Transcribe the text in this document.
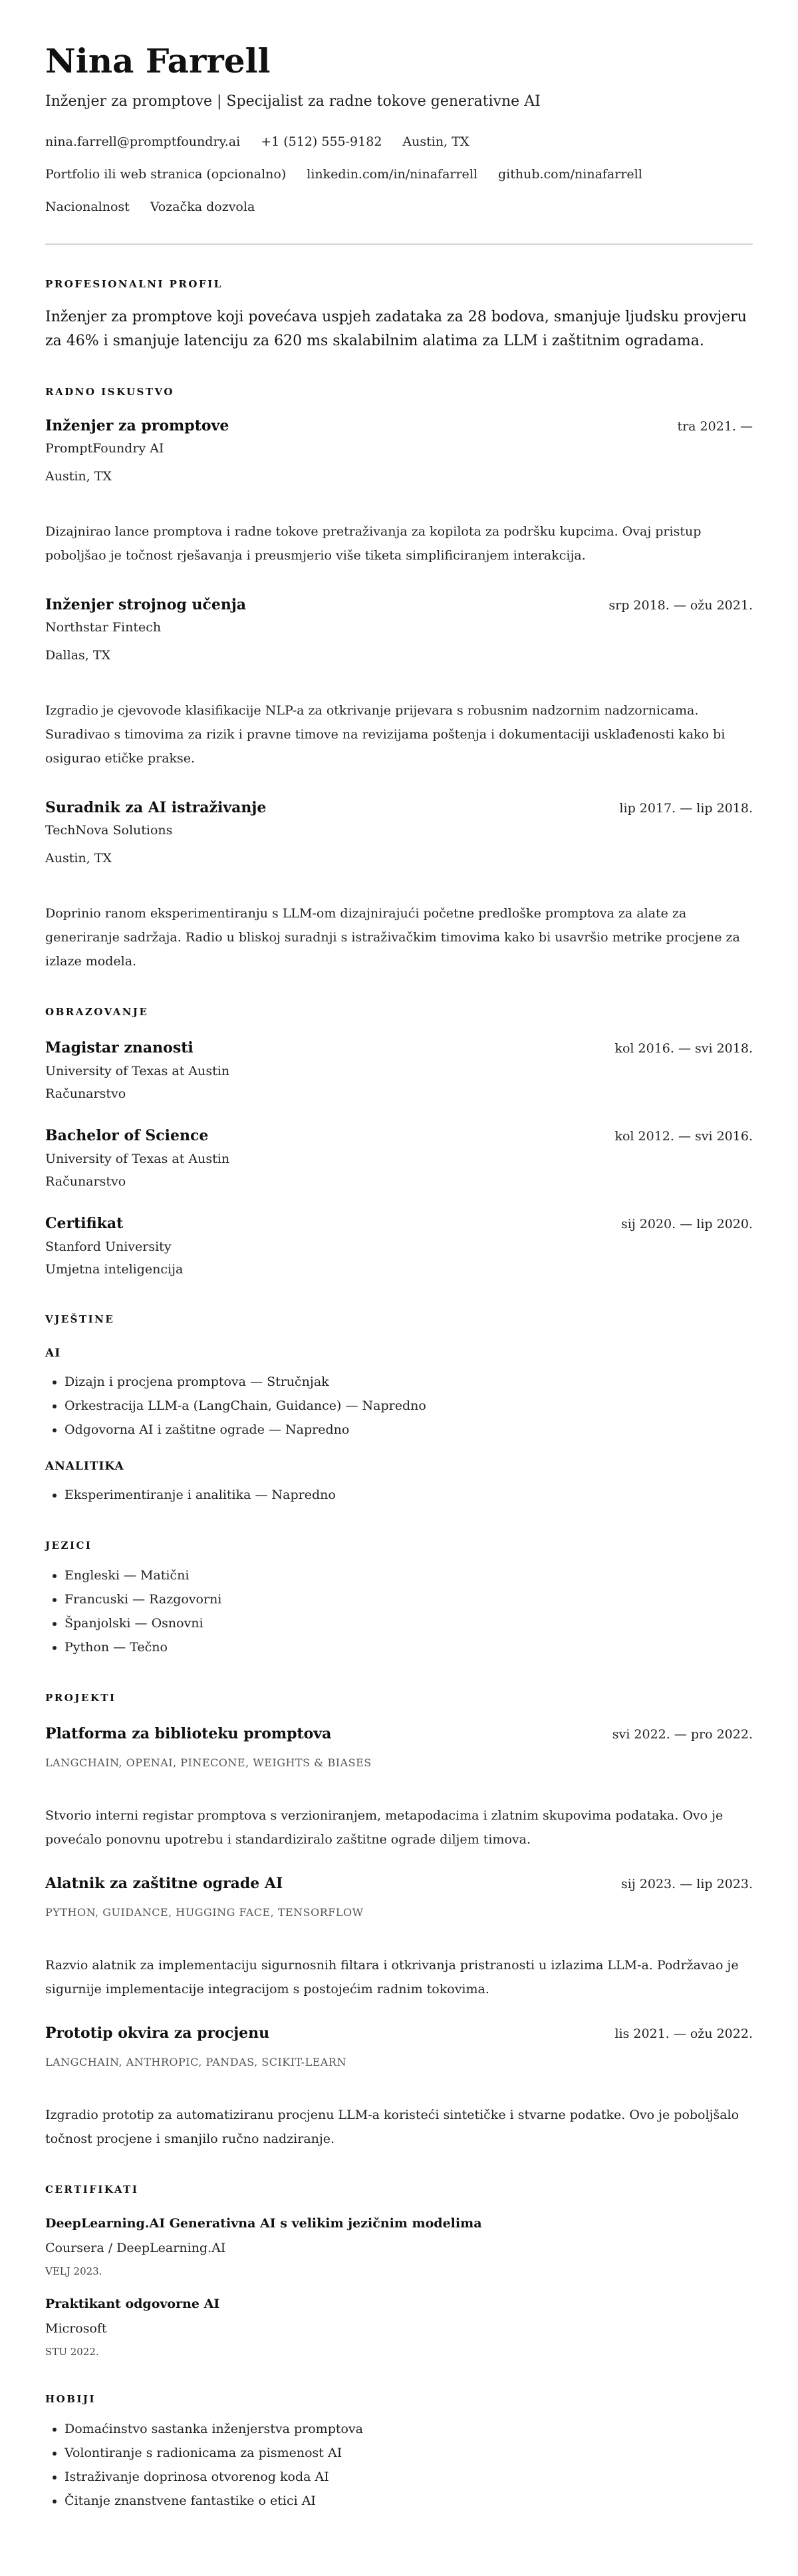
Nina Farrell
Inženjer za promptove | Specijalist za radne tokove generativne AI
nina.farrell@promptfoundry.ai +1 (512) 555-9182 Austin, TX
Portfolio ili web stranica (opcionalno) linkedin.com/in/ninafarrell github.com/ninafarrell
Nacionalnost Vozačka dozvola
PROFESIONALNI PROFIL

Inženjer za promptove koji povećava uspjeh zadataka za 28 bodova, smanjuje ljudsku provjeru za 46% i smanjuje latenciju za 620 ms skalabilnim alatima za LLM i zaštitnim ogradama.

RADNO ISKUSTVO
Inženjer za promptove	tra 2021. —
PromptFoundry AI
Austin, TX
Dizajnirao lance promptova i radne tokove pretraživanja za kopilota za podršku kupcima. Ovaj pristup poboljšao je točnost rješavanja i preusmjerio više tiketa simplificiranjem interakcija.
Inženjer strojnog učenja	srp 2018. — ožu 2021.
Northstar Fintech
Dallas, TX
Izgradio je cjevovode klasifikacije NLP-a za otkrivanje prijevara s robusnim nadzornim nadzornicama. Suradivao s timovima za rizik i pravne timove na revizijama poštenja i dokumentaciji usklađenosti kako bi osigurao etičke prakse.
Suradnik za AI istraživanje	lip 2017. — lip 2018.
TechNova Solutions
Austin, TX
Doprinio ranom eksperimentiranju s LLM-om dizajnirajući početne predloške promptova za alate za generiranje sadržaja. Radio u bliskoj suradnji s istraživačkim timovima kako bi usavršio metrike procjene za izlaze modela.
OBRAZOVANJE
Magistar znanosti	kol 2016. — svi 2018.
University of Texas at Austin
Računarstvo
Bachelor of Science	kol 2012. — svi 2016.
University of Texas at Austin
Računarstvo
Certifikat	sij 2020. — lip 2020.
Stanford University
Umjetna inteligencija
VJEŠTINE
AI
• Dizajn i procjena promptova — Stručnjak
• Orkestracija LLM-a (LangChain, Guidance) — Napredno
• Odgovorna AI i zaštitne ograde — Napredno
ANALITIKA
• Eksperimentiranje i analitika — Napredno
JEZICI
• Engleski — Matični
• Francuski — Razgovorni
• Španjolski — Osnovni
• Python — Tečno
PROJEKTI
Platforma za biblioteku promptova	svi 2022. — pro 2022.
LANGCHAIN, OPENAI, PINECONE, WEIGHTS & BIASES
Stvorio interni registar promptova s verzioniranjem, metapodacima i zlatnim skupovima podataka. Ovo je povećalo ponovnu upotrebu i standardiziralo zaštitne ograde diljem timova.
Alatnik za zaštitne ograde AI	sij 2023. — lip 2023.
PYTHON, GUIDANCE, HUGGING FACE, TENSORFLOW
Razvio alatnik za implementaciju sigurnosnih filtara i otkrivanja pristranosti u izlazima LLM-a. Podržavao je sigurnije implementacije integracijom s postojećim radnim tokovima.
Prototip okvira za procjenu	lis 2021. — ožu 2022.
LANGCHAIN, ANTHROPIC, PANDAS, SCIKIT-LEARN
Izgradio prototip za automatiziranu procjenu LLM-a koristeći sintetičke i stvarne podatke. Ovo je poboljšalo točnost procjene i smanjilo ručno nadziranje.
CERTIFIKATI
DeepLearning.AI Generativna AI s velikim jezičnim modelima
Coursera / DeepLearning.AI
VELJ 2023.
Praktikant odgovorne AI
Microsoft
STU 2022.
HOBIJI
• Domaćinstvo sastanka inženjerstva promptova
• Volontiranje s radionicama za pismenost AI
• Istraživanje doprinosa otvorenog koda AI
• Čitanje znanstvene fantastike o etici AI
